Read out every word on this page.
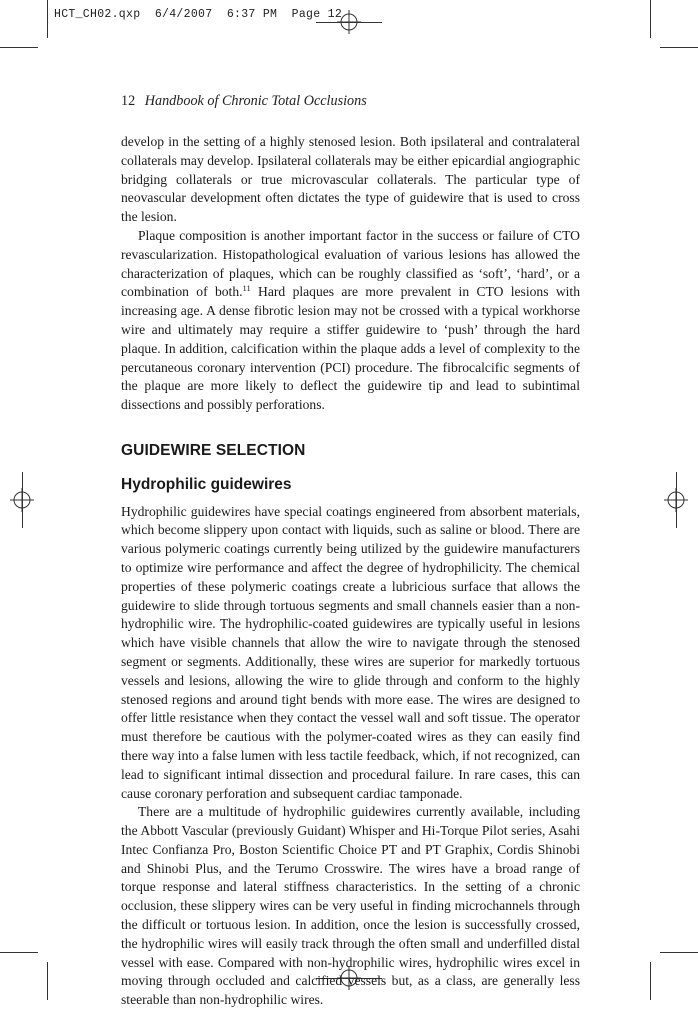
HCT_CH02.qxp  6/4/2007  6:37 PM  Page 12
12 Handbook of Chronic Total Occlusions

develop in the setting of a highly stenosed lesion. Both ipsilateral and contralateral collaterals may develop. Ipsilateral collaterals may be either epicardial angiographic bridging collaterals or true microvascular collaterals. The particular type of neovascular development often dictates the type of guidewire that is used to cross the lesion.

Plaque composition is another important factor in the success or failure of CTO revascularization. Histopathological evaluation of various lesions has allowed the characterization of plaques, which can be roughly classified as ‘soft’, ‘hard’, or a combination of both.$^{11}$ Hard plaques are more prevalent in CTO lesions with increasing age. A dense fibrotic lesion may not be crossed with a typical workhorse wire and ultimately may require a stiffer guidewire to ‘push’ through the hard plaque. In addition, calcification within the plaque adds a level of complexity to the percutaneous coronary intervention (PCI) procedure. The fibrocalcific segments of the plaque are more likely to deflect the guidewire tip and lead to subintimal dissections and possibly perforations.

GUIDEWIRE SELECTION
Hydrophilic guidewires

Hydrophilic guidewires have special coatings engineered from absorbent materials, which become slippery upon contact with liquids, such as saline or blood. There are various polymeric coatings currently being utilized by the guidewire manufacturers to optimize wire performance and affect the degree of hydrophilicity. The chemical properties of these polymeric coatings create a lubricious surface that allows the guidewire to slide through tortuous segments and small channels easier than a non-hydrophilic wire. The hydrophilic-coated guidewires are typically useful in lesions which have visible channels that allow the wire to navigate through the stenosed segment or segments. Additionally, these wires are superior for markedly tortuous vessels and lesions, allowing the wire to glide through and conform to the highly stenosed regions and around tight bends with more ease. The wires are designed to offer little resistance when they contact the vessel wall and soft tissue. The operator must therefore be cautious with the polymer-coated wires as they can easily find there way into a false lumen with less tactile feedback, which, if not recognized, can lead to significant intimal dissection and procedural failure. In rare cases, this can cause coronary perforation and subsequent cardiac tamponade.

There are a multitude of hydrophilic guidewires currently available, including the Abbott Vascular (previously Guidant) Whisper and Hi-Torque Pilot series, Asahi Intec Confianza Pro, Boston Scientific Choice PT and PT Graphix, Cordis Shinobi and Shinobi Plus, and the Terumo Crosswire. The wires have a broad range of torque response and lateral stiffness characteristics. In the setting of a chronic occlusion, these slippery wires can be very useful in finding microchannels through the difficult or tortuous lesion. In addition, once the lesion is successfully crossed, the hydrophilic wires will easily track through the often small and underfilled distal vessel with ease. Compared with non-hydrophilic wires, hydrophilic wires excel in moving through occluded and calcified vessels but, as a class, are generally less steerable than non-hydrophilic wires.
